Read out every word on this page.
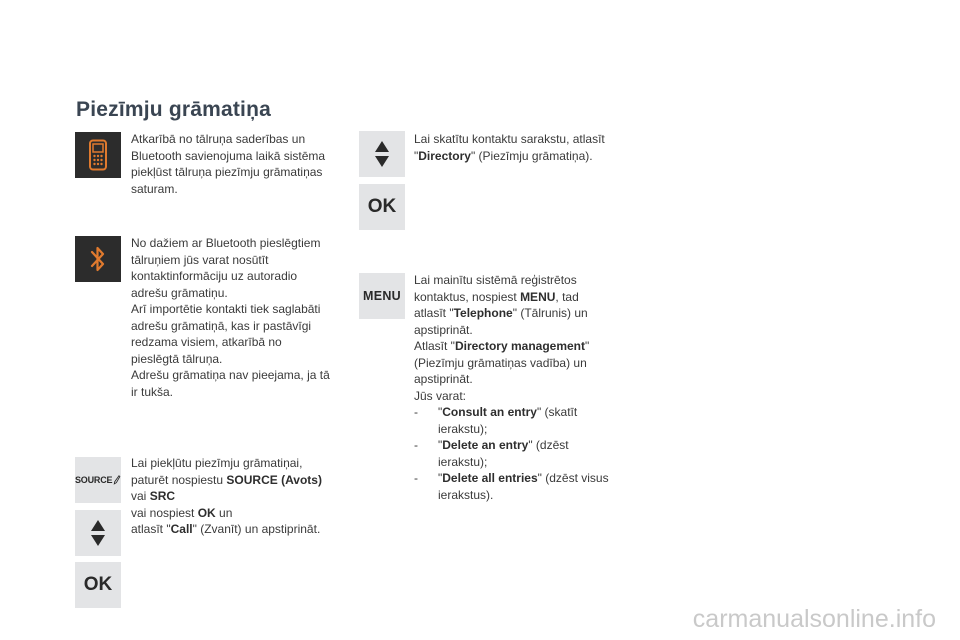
Piezīmju grāmatiņa
SOURCE
OK
OK
MENU

Atkarībā no tālruņa saderības un Bluetooth savienojuma laikā sistēma piekļūst tālruņa piezīmju grāmatiņas saturam.

No dažiem ar Bluetooth pieslēgtiem tālruņiem jūs varat nosūtīt kontaktinformāciju uz autoradio adrešu grāmatiņu.

Arī importētie kontakti tiek saglabāti adrešu grāmatiņā, kas ir pastāvīgi redzama visiem, atkarībā no pieslēgtā tālruņa.

Adrešu grāmatiņa nav pieejama, ja tā ir tukša.

Lai piekļūtu piezīmju grāmatiņai, paturēt nospiestu SOURCE (Avots)

vai SRC

vai nospiest OK un

atlasīt "Call" (Zvanīt) un apstiprināt.

Lai skatītu kontaktu sarakstu, atlasīt "Directory" (Piezīmju grāmatiņa).

Lai mainītu sistēmā reģistrētos kontaktus, nospiest MENU, tad atlasīt "Telephone" (Tālrunis) un apstiprināt.

Atlasīt "Directory management" (Piezīmju grāmatiņas vadība) un apstiprināt.

Jūs varat:

- "Consult an entry" (skatīt ierakstu);
- "Delete an entry" (dzēst ierakstu);
- "Delete all entries" (dzēst visus ierakstus).
carmanualsonline.info
